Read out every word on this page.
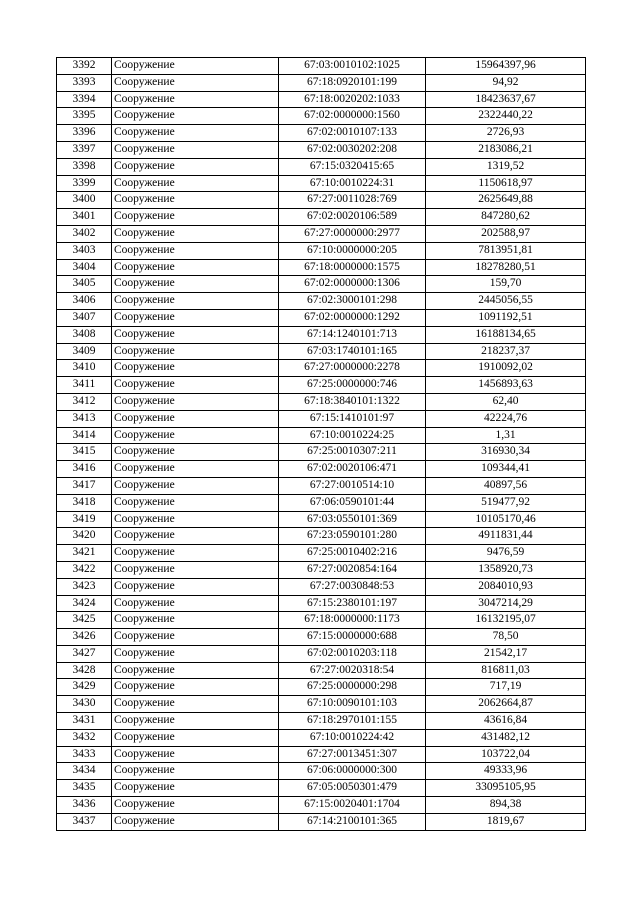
3392	Сооружение	67:03:0010102:1025	15964397,96
3393	Сооружение	67:18:0920101:199	94,92
3394	Сооружение	67:18:0020202:1033	18423637,67
3395	Сооружение	67:02:0000000:1560	2322440,22
3396	Сооружение	67:02:0010107:133	2726,93
3397	Сооружение	67:02:0030202:208	2183086,21
3398	Сооружение	67:15:0320415:65	1319,52
3399	Сооружение	67:10:0010224:31	1150618,97
3400	Сооружение	67:27:0011028:769	2625649,88
3401	Сооружение	67:02:0020106:589	847280,62
3402	Сооружение	67:27:0000000:2977	202588,97
3403	Сооружение	67:10:0000000:205	7813951,81
3404	Сооружение	67:18:0000000:1575	18278280,51
3405	Сооружение	67:02:0000000:1306	159,70
3406	Сооружение	67:02:3000101:298	2445056,55
3407	Сооружение	67:02:0000000:1292	1091192,51
3408	Сооружение	67:14:1240101:713	16188134,65
3409	Сооружение	67:03:1740101:165	218237,37
3410	Сооружение	67:27:0000000:2278	1910092,02
3411	Сооружение	67:25:0000000:746	1456893,63
3412	Сооружение	67:18:3840101:1322	62,40
3413	Сооружение	67:15:1410101:97	42224,76
3414	Сооружение	67:10:0010224:25	1,31
3415	Сооружение	67:25:0010307:211	316930,34
3416	Сооружение	67:02:0020106:471	109344,41
3417	Сооружение	67:27:0010514:10	40897,56
3418	Сооружение	67:06:0590101:44	519477,92
3419	Сооружение	67:03:0550101:369	10105170,46
3420	Сооружение	67:23:0590101:280	4911831,44
3421	Сооружение	67:25:0010402:216	9476,59
3422	Сооружение	67:27:0020854:164	1358920,73
3423	Сооружение	67:27:0030848:53	2084010,93
3424	Сооружение	67:15:2380101:197	3047214,29
3425	Сооружение	67:18:0000000:1173	16132195,07
3426	Сооружение	67:15:0000000:688	78,50
3427	Сооружение	67:02:0010203:118	21542,17
3428	Сооружение	67:27:0020318:54	816811,03
3429	Сооружение	67:25:0000000:298	717,19
3430	Сооружение	67:10:0090101:103	2062664,87
3431	Сооружение	67:18:2970101:155	43616,84
3432	Сооружение	67:10:0010224:42	431482,12
3433	Сооружение	67:27:0013451:307	103722,04
3434	Сооружение	67:06:0000000:300	49333,96
3435	Сооружение	67:05:0050301:479	33095105,95
3436	Сооружение	67:15:0020401:1704	894,38
3437	Сооружение	67:14:2100101:365	1819,67
